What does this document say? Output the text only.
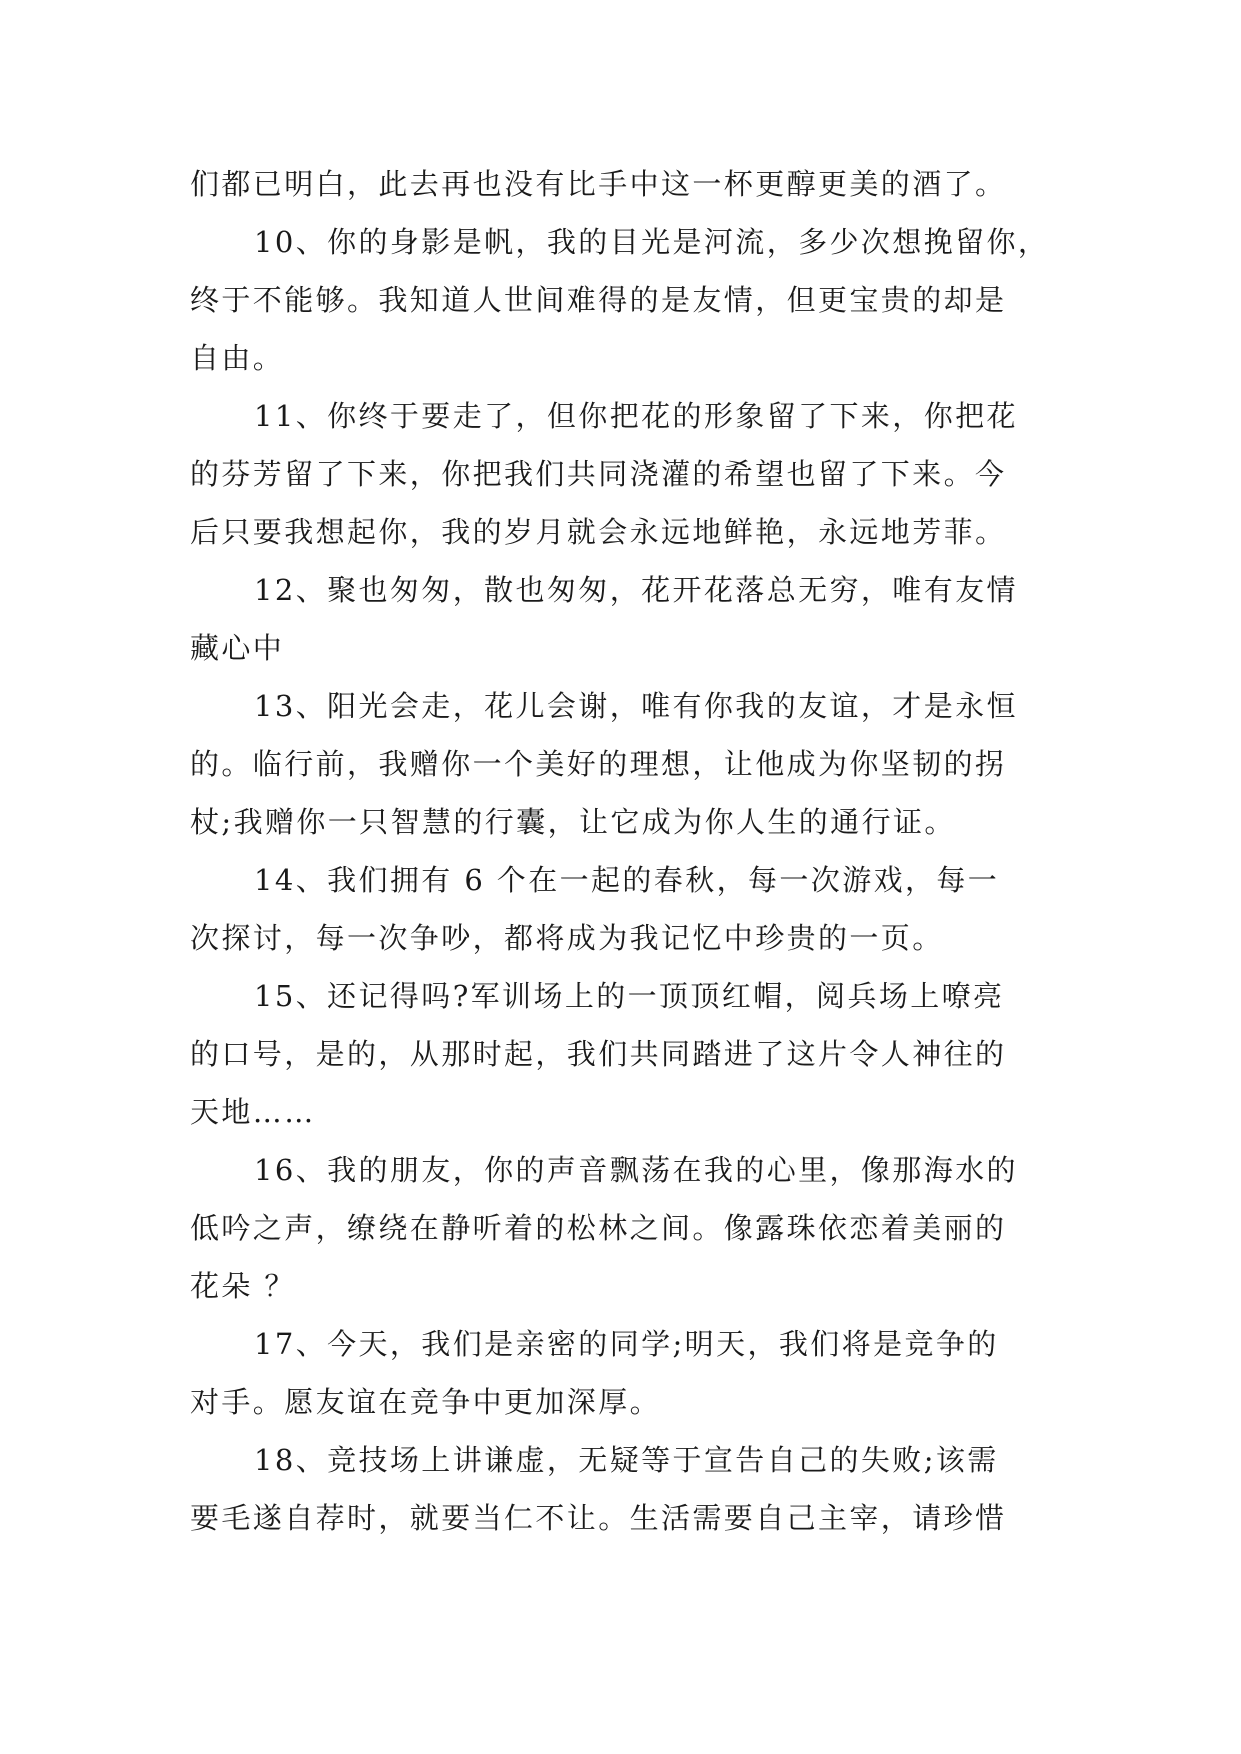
们都已明白，此去再也没有比手中这一杯更醇更美的酒了。
10、你的身影是帆，我的目光是河流，多少次想挽留你，
终于不能够。我知道人世间难得的是友情，但更宝贵的却是
自由。
11、你终于要走了，但你把花的形象留了下来，你把花
的芬芳留了下来，你把我们共同浇灌的希望也留了下来。今
后只要我想起你，我的岁月就会永远地鲜艳，永远地芳菲。
12、聚也匆匆，散也匆匆，花开花落总无穷，唯有友情
藏心中
13、阳光会走，花儿会谢，唯有你我的友谊，才是永恒
的。临行前，我赠你一个美好的理想，让他成为你坚韧的拐
杖;我赠你一只智慧的行囊，让它成为你人生的通行证。
14、我们拥有 6 个在一起的春秋，每一次游戏，每一
次探讨，每一次争吵，都将成为我记忆中珍贵的一页。
15、还记得吗?军训场上的一顶顶红帽，阅兵场上嘹亮
的口号，是的，从那时起，我们共同踏进了这片令人神往的
天地……
16、我的朋友，你的声音飘荡在我的心里，像那海水的
低吟之声，缭绕在静听着的松林之间。像露珠依恋着美丽的
花朵 ？
17、今天，我们是亲密的同学;明天，我们将是竞争的
对手。愿友谊在竞争中更加深厚。
18、竞技场上讲谦虚，无疑等于宣告自己的失败;该需
要毛遂自荐时，就要当仁不让。生活需要自己主宰，请珍惜
